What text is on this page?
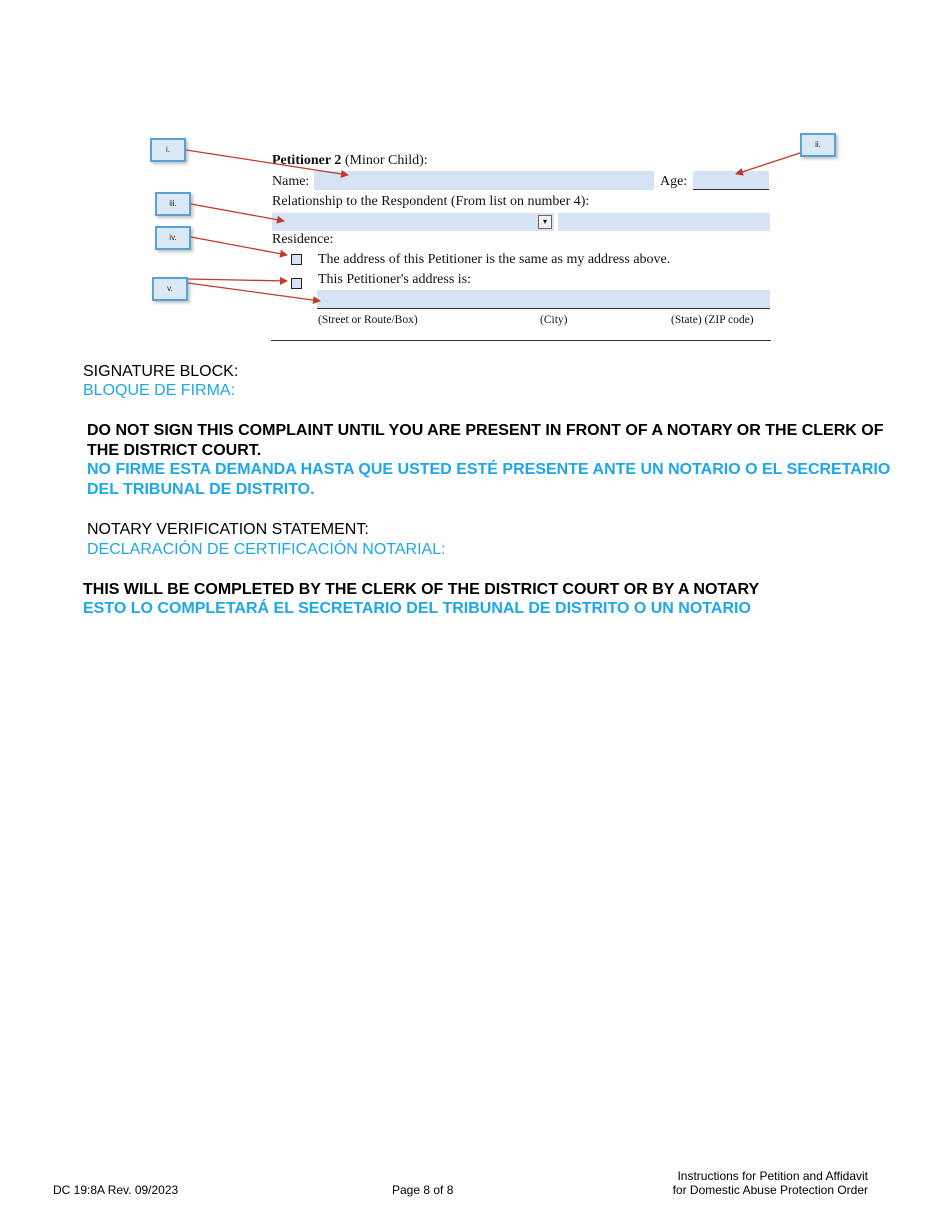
i.
ii.
iii.
iv.
v.
Petitioner 2 (Minor Child):
Name:	Age:
Relationship to the Respondent (From list on number 4):
▾
Residence:
The address of this Petitioner is the same as my address above.
This Petitioner's address is:
(Street or Route/Box)	(City)	(State) (ZIP code)
SIGNATURE BLOCK:
BLOQUE DE FIRMA:
DO NOT SIGN THIS COMPLAINT UNTIL YOU ARE PRESENT IN FRONT OF A NOTARY OR THE CLERK OF THE DISTRICT COURT.
NO FIRME ESTA DEMANDA HASTA QUE USTED ESTÉ PRESENTE ANTE UN NOTARIO O EL SECRETARIO DEL TRIBUNAL DE DISTRITO.
NOTARY VERIFICATION STATEMENT:
DECLARACIÓN DE CERTIFICACIÓN NOTARIAL:
THIS WILL BE COMPLETED BY THE CLERK OF THE DISTRICT COURT OR BY A NOTARY
ESTO LO COMPLETARÁ EL SECRETARIO DEL TRIBUNAL DE DISTRITO O UN NOTARIO
DC 19:8A Rev. 09/2023	Page 8 of 8
Instructions for Petition and Affidavit
for Domestic Abuse Protection Order
